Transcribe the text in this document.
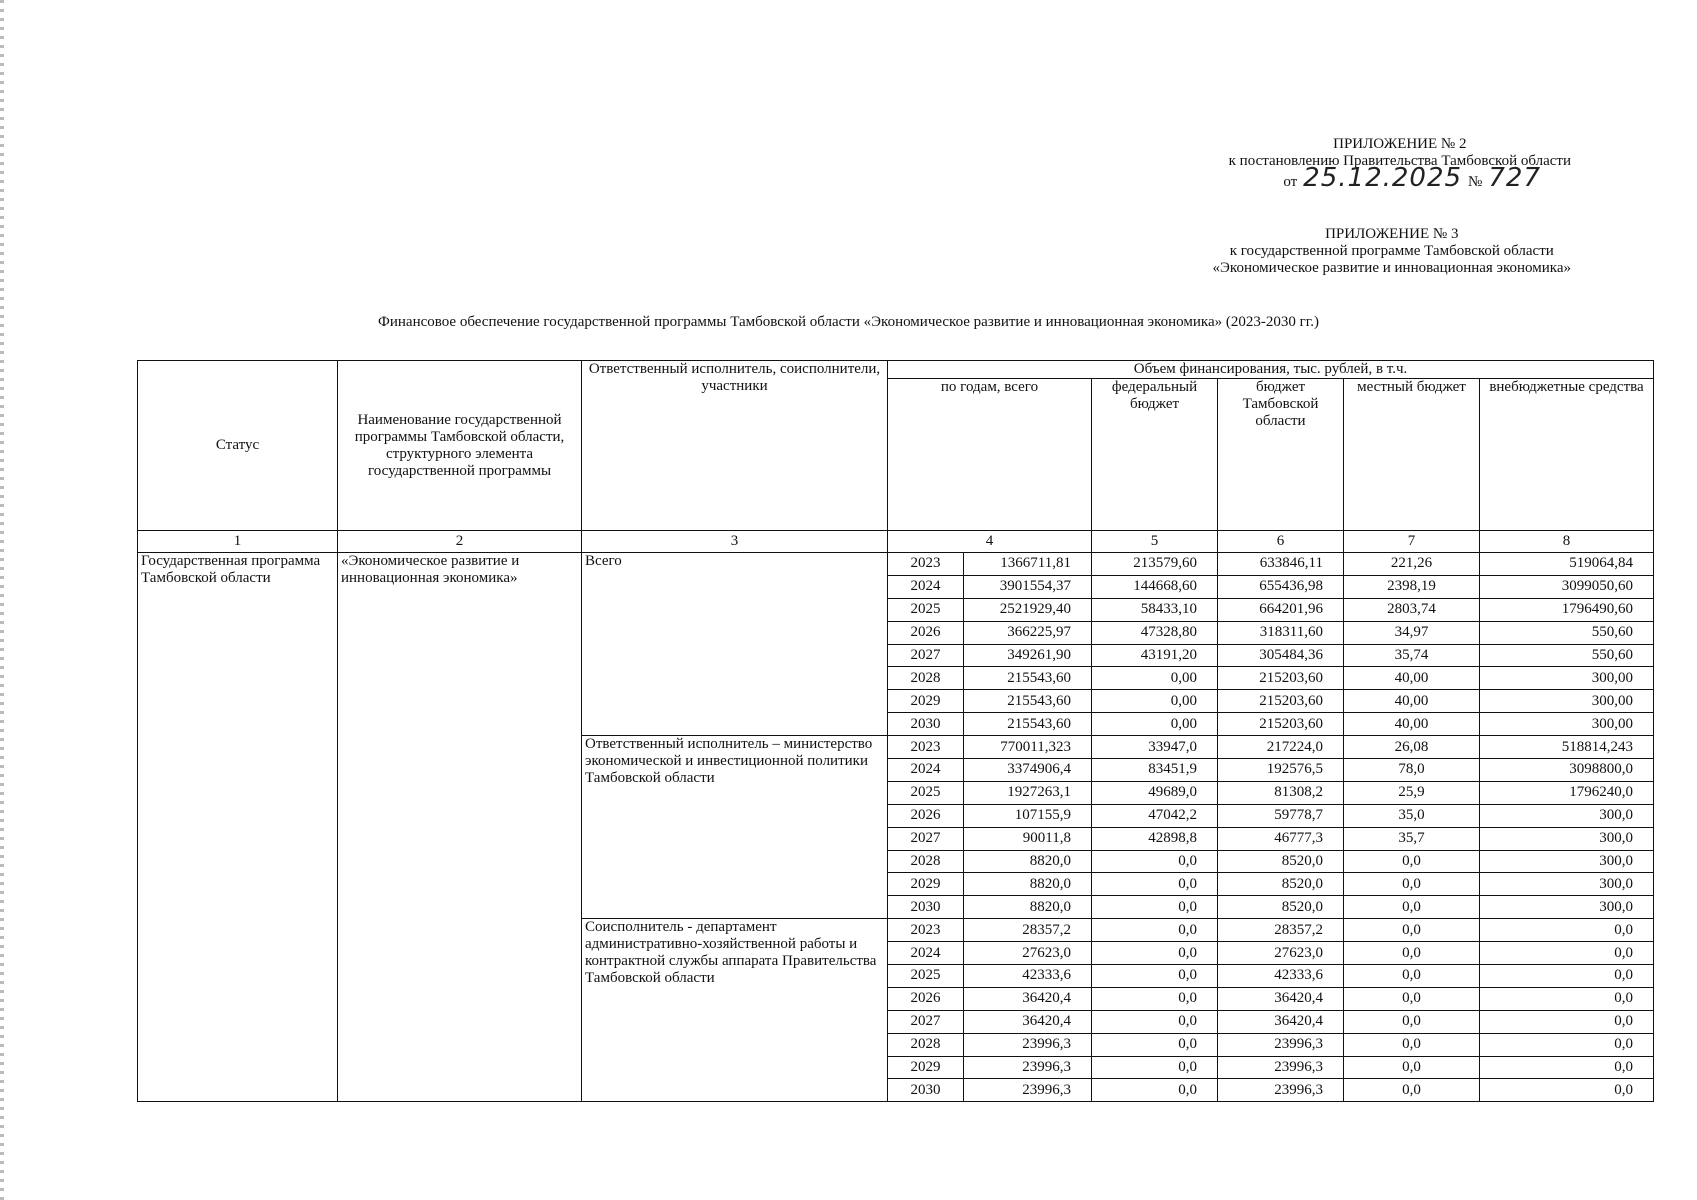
ПРИЛОЖЕНИЕ № 2
к постановлению Правительства Тамбовской области
от 25.12.2025 № 727
ПРИЛОЖЕНИЕ № 3
к государственной программе Тамбовской области
«Экономическое развитие и инновационная экономика»
Финансовое обеспечение государственной программы Тамбовской области «Экономическое развитие и инновационная экономика» (2023-2030 гг.)
Статус	Наименование государственной программы Тамбовской области, структурного элемента государственной программы	Ответственный исполнитель, соисполнители, участники	Объем финансирования, тыс. рублей, в т.ч.					
			по годам, всего		федеральный бюджет	бюджет Тамбовской области	местный бюджет	внебюджетные средства
1	2	3	4		5	6	7	8
Государственная программа Тамбовской области	«Экономическое развитие и инновационная экономика»	Всего	2023	1366711,81	213579,60	633846,11	221,26	519064,84
			2024	3901554,37	144668,60	655436,98	2398,19	3099050,60
			2025	2521929,40	58433,10	664201,96	2803,74	1796490,60
			2026	366225,97	47328,80	318311,60	34,97	550,60
			2027	349261,90	43191,20	305484,36	35,74	550,60
			2028	215543,60	0,00	215203,60	40,00	300,00
			2029	215543,60	0,00	215203,60	40,00	300,00
			2030	215543,60	0,00	215203,60	40,00	300,00
		Ответственный исполнитель – министерство экономической и инвестиционной политики Тамбовской области	2023	770011,323	33947,0	217224,0	26,08	518814,243
			2024	3374906,4	83451,9	192576,5	78,0	3098800,0
			2025	1927263,1	49689,0	81308,2	25,9	1796240,0
			2026	107155,9	47042,2	59778,7	35,0	300,0
			2027	90011,8	42898,8	46777,3	35,7	300,0
			2028	8820,0	0,0	8520,0	0,0	300,0
			2029	8820,0	0,0	8520,0	0,0	300,0
			2030	8820,0	0,0	8520,0	0,0	300,0
		Соисполнитель - департамент административно-хозяйственной работы и контрактной службы аппарата Правительства Тамбовской области	2023	28357,2	0,0	28357,2	0,0	0,0
			2024	27623,0	0,0	27623,0	0,0	0,0
			2025	42333,6	0,0	42333,6	0,0	0,0
			2026	36420,4	0,0	36420,4	0,0	0,0
			2027	36420,4	0,0	36420,4	0,0	0,0
			2028	23996,3	0,0	23996,3	0,0	0,0
			2029	23996,3	0,0	23996,3	0,0	0,0
			2030	23996,3	0,0	23996,3	0,0	0,0
